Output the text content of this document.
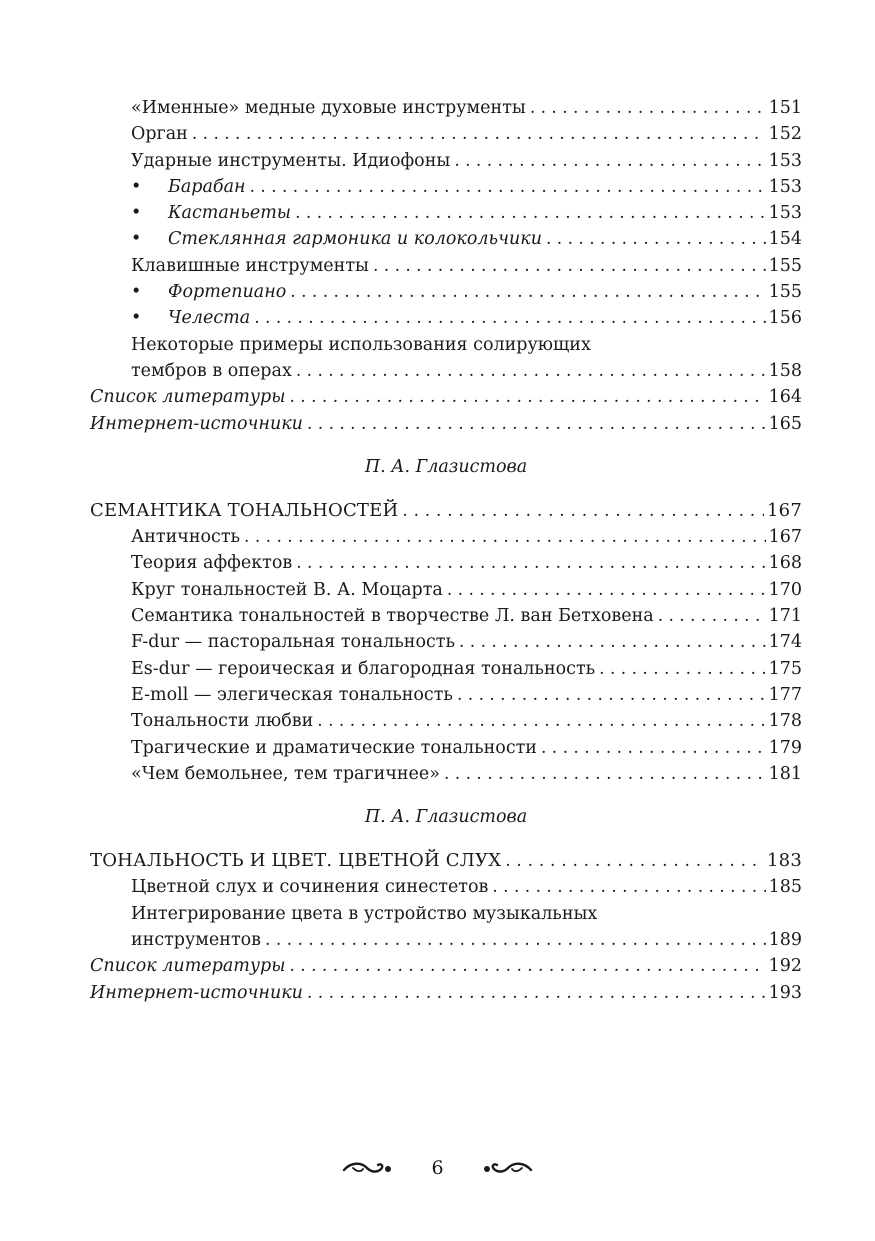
«Именные» медные духовые инструменты . . .	151
Орган . . .	152
Ударные инструменты. Идиофоны . . .	153
• Барабан . . .	153
• Кастаньеты . . .	153
• Стеклянная гармоника и колокольчики . . .	154
Клавишные инструменты . . .	155
• Фортепиано . . .	155
• Челеста . . .	156
Некоторые примеры использования солирующих
тембров в операх . . .	158
Список литературы . . .	164
Интернет-источники . . .	165
П. А. Глазистова
СЕМАНТИКА ТОНАЛЬНОСТЕЙ . . .	167
Античность . . .	167
Теория аффектов . . .	168
Круг тональностей В. А. Моцарта . . .	170
Семантика тональностей в творчестве Л. ван Бетховена . . .	171
F-dur — пасторальная тональность . . .	174
Es-dur — героическая и благородная тональность . . .	175
E-moll — элегическая тональность . . .	177
Тональности любви . . .	178
Трагические и драматические тональности . . .	179
«Чем бемольнее, тем трагичнее» . . .	181
П. А. Глазистова
ТОНАЛЬНОСТЬ И ЦВЕТ. ЦВЕТНОЙ СЛУХ . . .	183
Цветной слух и сочинения синестетов . . .	185
Интегрирование цвета в устройство музыкальных
инструментов . . .	189
Список литературы . . .	192
Интернет-источники . . .	193
6
